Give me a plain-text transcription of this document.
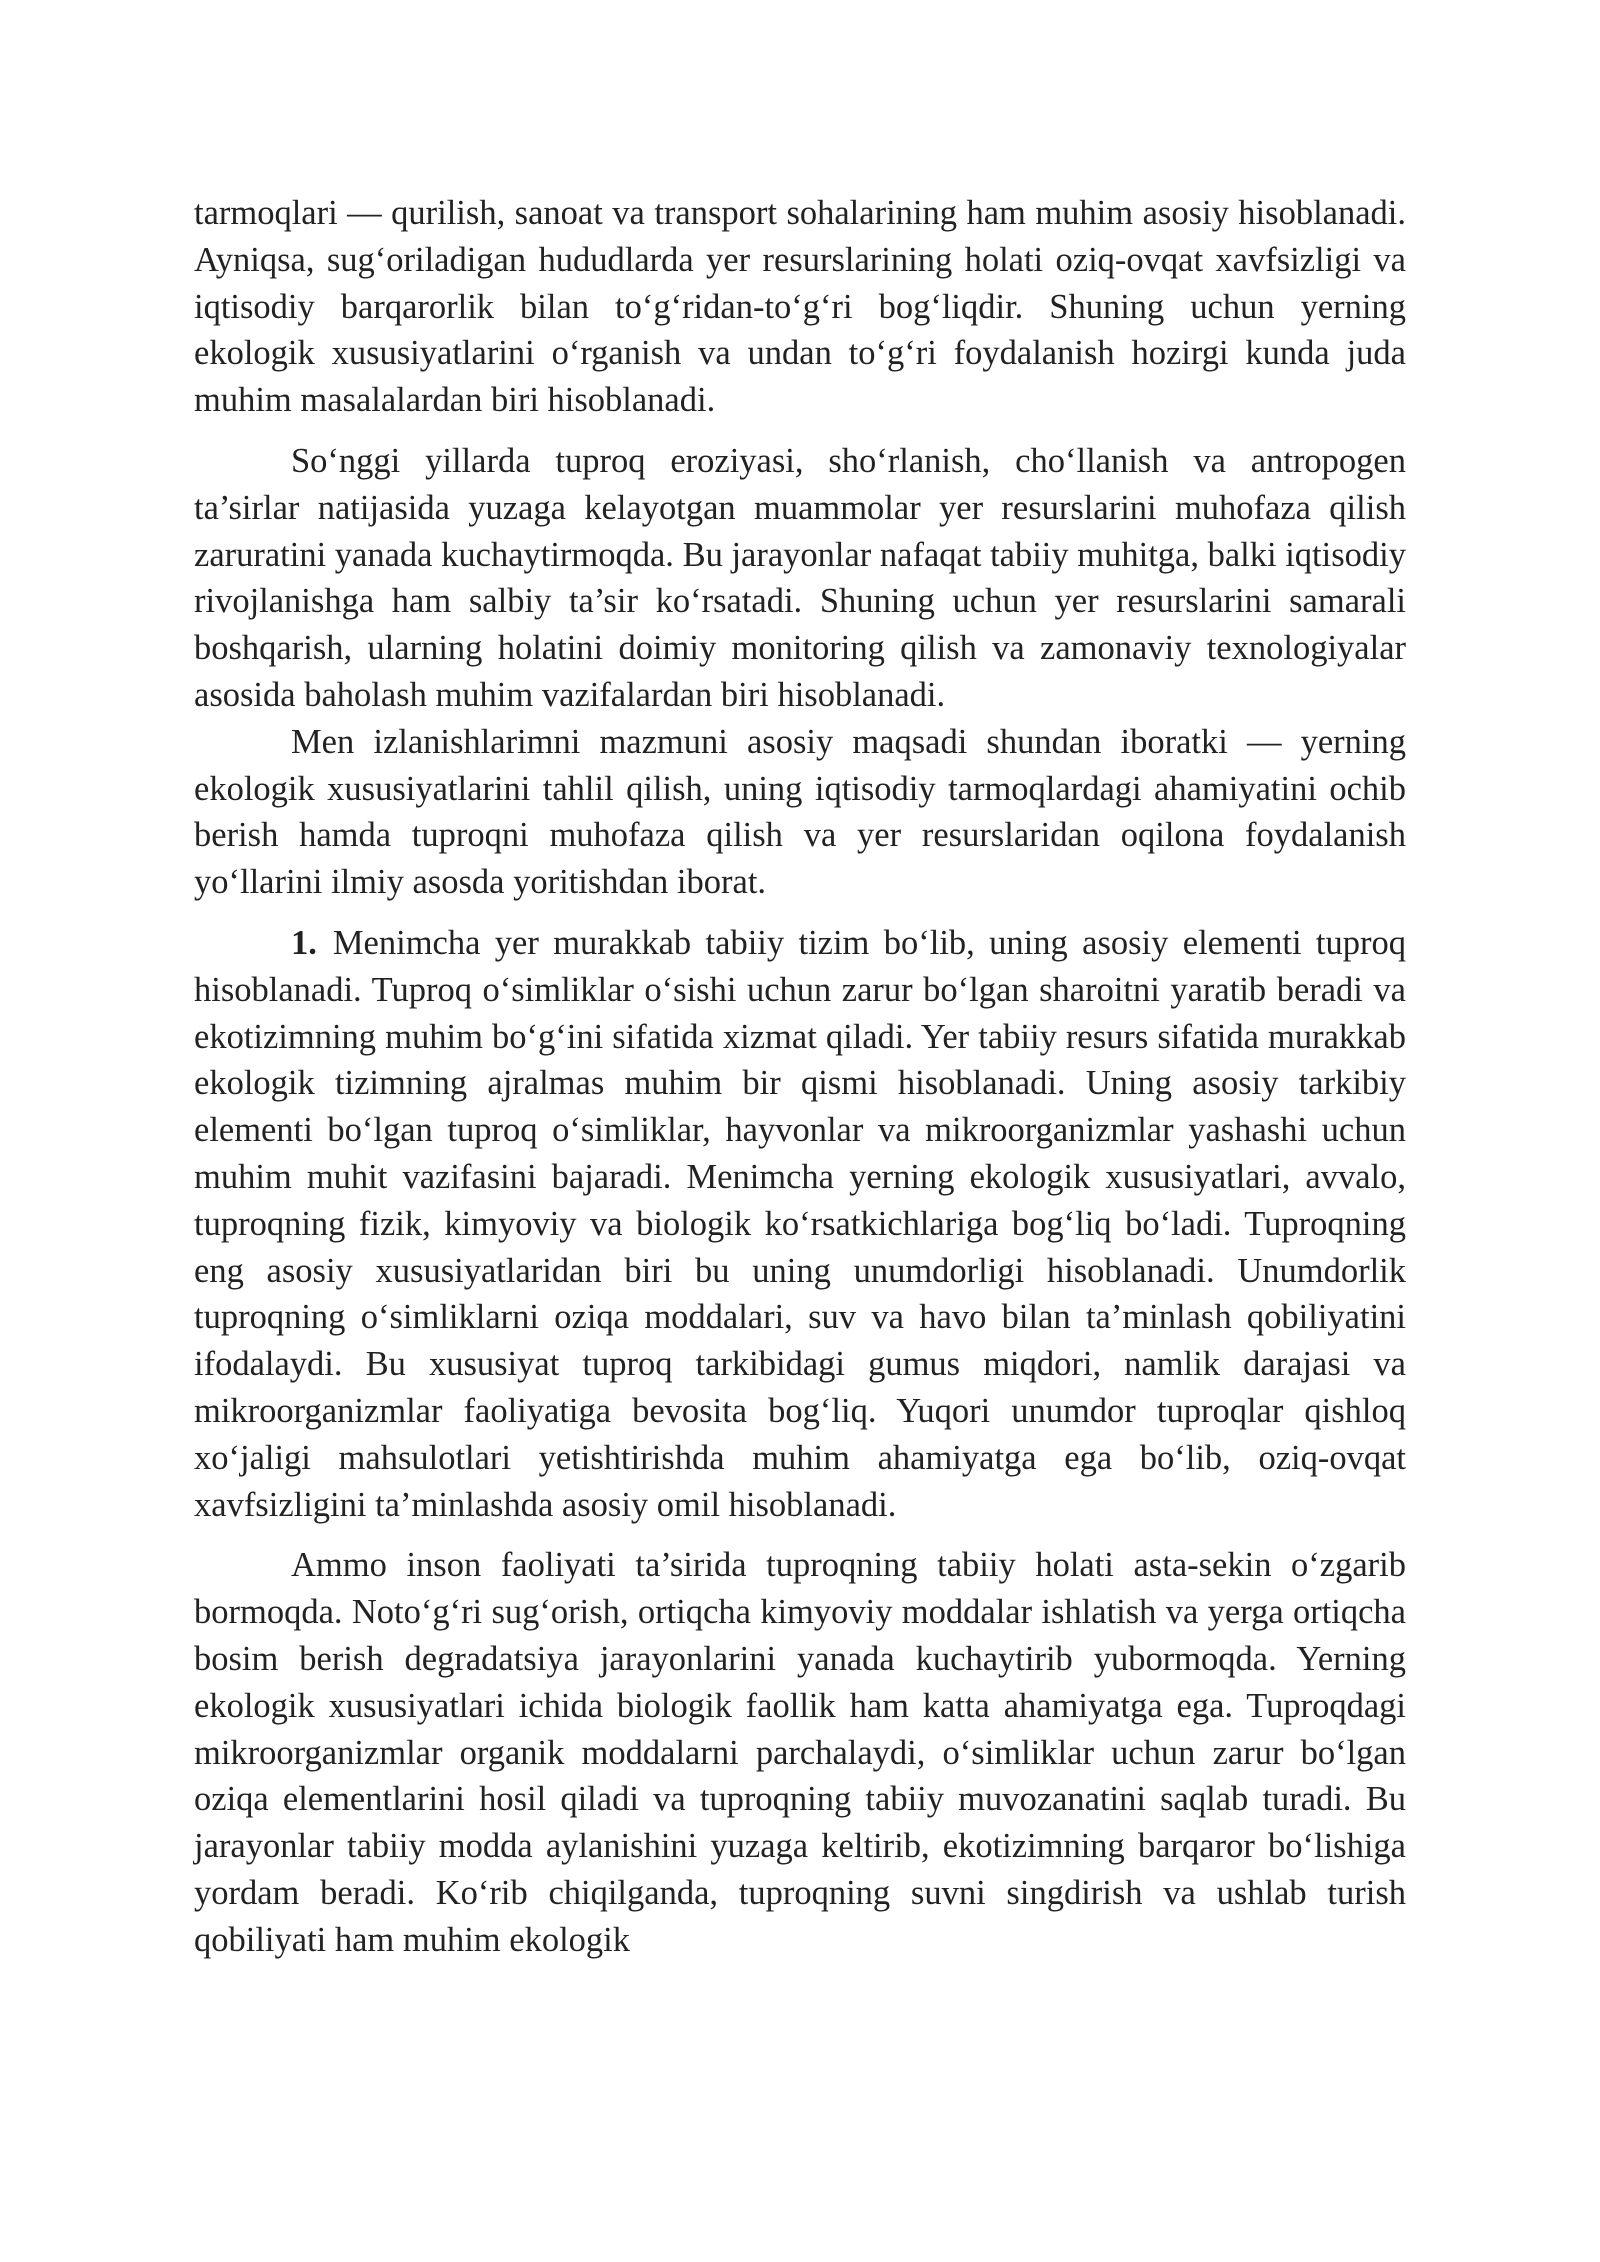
tarmoqlari — qurilish, sanoat va transport sohalarining ham muhim asosiy hisoblanadi. Ayniqsa, sug‘oriladigan hududlarda yer resurslarining holati oziq-ovqat xavfsizligi va iqtisodiy barqarorlik bilan to‘g‘ridan-to‘g‘ri bog‘liqdir. Shuning uchun yerning ekologik xususiyatlarini o‘rganish va undan to‘g‘ri foydalanish hozirgi kunda juda muhim masalalardan biri hisoblanadi.

So‘nggi yillarda tuproq eroziyasi, sho‘rlanish, cho‘llanish va antropogen ta’sirlar natijasida yuzaga kelayotgan muammolar yer resurslarini muhofaza qilish zaruratini yanada kuchaytirmoqda. Bu jarayonlar nafaqat tabiiy muhitga, balki iqtisodiy rivojlanishga ham salbiy ta’sir ko‘rsatadi. Shuning uchun yer resurslarini samarali boshqarish, ularning holatini doimiy monitoring qilish va zamonaviy texnologiyalar asosida baholash muhim vazifalardan biri hisoblanadi.

Men izlanishlarimni mazmuni asosiy maqsadi shundan iboratki — yerning ekologik xususiyatlarini tahlil qilish, uning iqtisodiy tarmoqlardagi ahamiyatini ochib berish hamda tuproqni muhofaza qilish va yer resurslaridan oqilona foydalanish yo‘llarini ilmiy asosda yoritishdan iborat.

1. Menimcha yer murakkab tabiiy tizim bo‘lib, uning asosiy elementi tuproq hisoblanadi. Tuproq o‘simliklar o‘sishi uchun zarur bo‘lgan sharoitni yaratib beradi va ekotizimning muhim bo‘g‘ini sifatida xizmat qiladi. Yer tabiiy resurs sifatida murakkab ekologik tizimning ajralmas muhim bir qismi hisoblanadi. Uning asosiy tarkibiy elementi bo‘lgan tuproq o‘simliklar, hayvonlar va mikroorganizmlar yashashi uchun muhim muhit vazifasini bajaradi. Menimcha yerning ekologik xususiyatlari, avvalo, tuproqning fizik, kimyoviy va biologik ko‘rsatkichlariga bog‘liq bo‘ladi. Tuproqning eng asosiy xususiyatlaridan biri bu uning unumdorligi hisoblanadi. Unumdorlik tuproqning o‘simliklarni oziqa moddalari, suv va havo bilan ta’minlash qobiliyatini ifodalaydi. Bu xususiyat tuproq tarkibidagi gumus miqdori, namlik darajasi va mikroorganizmlar faoliyatiga bevosita bog‘liq. Yuqori unumdor tuproqlar qishloq xo‘jaligi mahsulotlari yetishtirishda muhim ahamiyatga ega bo‘lib, oziq-ovqat xavfsizligini ta’minlashda asosiy omil hisoblanadi.

Ammo inson faoliyati ta’sirida tuproqning tabiiy holati asta-sekin o‘zgarib bormoqda. Noto‘g‘ri sug‘orish, ortiqcha kimyoviy moddalar ishlatish va yerga ortiqcha bosim berish degradatsiya jarayonlarini yanada kuchaytirib yubormoqda. Yerning ekologik xususiyatlari ichida biologik faollik ham katta ahamiyatga ega. Tuproqdagi mikroorganizmlar organik moddalarni parchalaydi, o‘simliklar uchun zarur bo‘lgan oziqa elementlarini hosil qiladi va tuproqning tabiiy muvozanatini saqlab turadi. Bu jarayonlar tabiiy modda aylanishini yuzaga keltirib, ekotizimning barqaror bo‘lishiga yordam beradi. Ko‘rib chiqilganda, tuproqning suvni singdirish va ushlab turish qobiliyati ham muhim ekologik
